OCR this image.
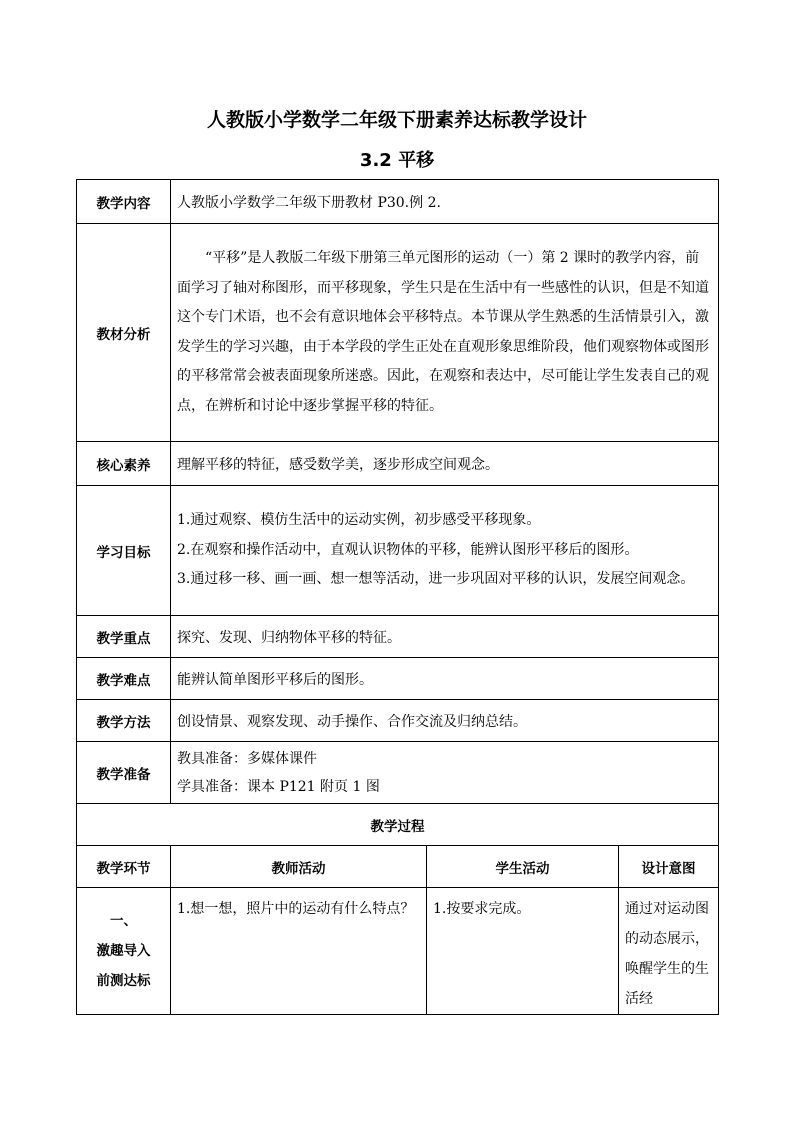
人教版小学数学二年级下册素养达标教学设计
3.2 平移
教学内容	人教版小学数学二年级下册教材 P30.例 2.		
教材分析	“平移”是人教版二年级下册第三单元图形的运动（一）第 2 课时的教学内容，前面学习了轴对称图形，而平移现象，学生只是在生活中有一些感性的认识，但是不知道这个专门术语，也不会有意识地体会平移特点。本节课从学生熟悉的生活情景引入，激发学生的学习兴趣，由于本学段的学生正处在直观形象思维阶段，他们观察物体或图形的平移常常会被表面现象所迷惑。因此，在观察和表达中，尽可能让学生发表自己的观点，在辨析和讨论中逐步掌握平移的特征。		
核心素养	理解平移的特征，感受数学美，逐步形成空间观念。		
学习目标	1.通过观察、模仿生活中的运动实例，初步感受平移现象。
2.在观察和操作活动中，直观认识物体的平移，能辨认图形平移后的图形。
3.通过移一移、画一画、想一想等活动，进一步巩固对平移的认识，发展空间观念。		

教学重点	探究、发现、归纳物体平移的特征。		
教学难点	能辨认简单图形平移后的图形。		
教学方法	创设情景、观察发现、动手操作、合作交流及归纳总结。		
教学准备	教具准备：多媒体课件
学具准备：课本 P121 附页 1 图		

教学过程			
教学环节	教师活动	学生活动	设计意图

一、
激趣导入
前测达标	1.想一想，照片中的运动有什么特点？	1.按要求完成。	通过对运动图的动态展示，唤醒学生的生活经
